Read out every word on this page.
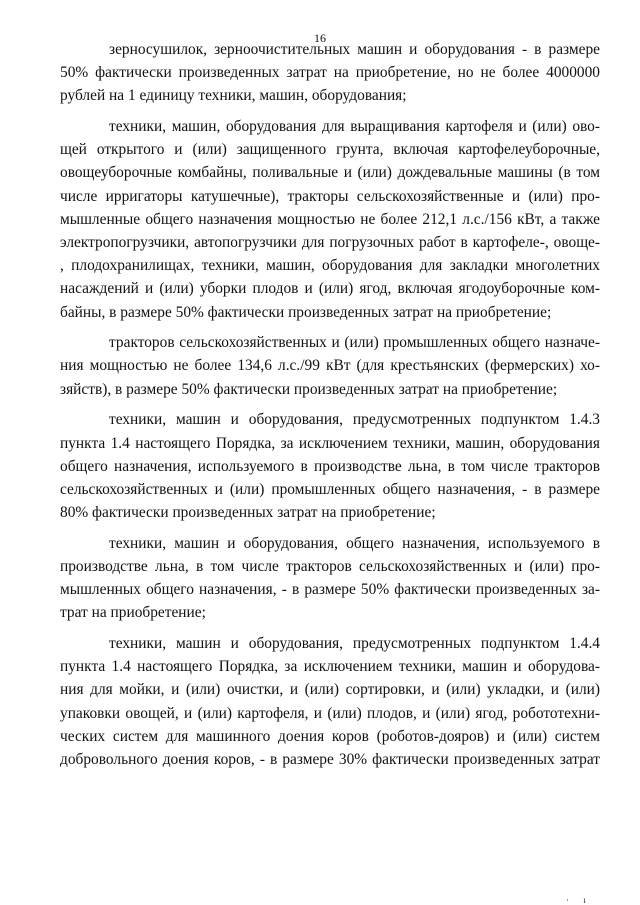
16
зерносушилок, зерноочистительных машин и оборудования - в размере
50% фактически произведенных затрат на приобретение, но не более 4000000
рублей на 1 единицу техники, машин, оборудования;
техники, машин, оборудования для выращивания картофеля и (или) ово-
щей открытого и (или) защищенного грунта, включая картофелеуборочные,
овощеуборочные комбайны, поливальные и (или) дождевальные машины (в том
числе ирригаторы катушечные), тракторы сельскохозяйственные и (или) про-
мышленные общего назначения мощностью не более 212,1 л.с./156 кВт, а также
электропогрузчики, автопогрузчики для погрузочных работ в картофеле-, овоще-
, плодохранилищах, техники, машин, оборудования для закладки многолетних
насаждений и (или) уборки плодов и (или) ягод, включая ягодоуборочные ком-
байны, в размере 50% фактически произведенных затрат на приобретение;
тракторов сельскохозяйственных и (или) промышленных общего назначе-
ния мощностью не более 134,6 л.с./99 кВт (для крестьянских (фермерских) хо-
зяйств), в размере 50% фактически произведенных затрат на приобретение;
техники, машин и оборудования, предусмотренных подпунктом 1.4.3
пункта 1.4 настоящего Порядка, за исключением техники, машин, оборудования
общего назначения, используемого в производстве льна, в том числе тракторов
сельскохозяйственных и (или) промышленных общего назначения, - в размере
80% фактически произведенных затрат на приобретение;
техники, машин и оборудования, общего назначения, используемого в
производстве льна, в том числе тракторов сельскохозяйственных и (или) про-
мышленных общего назначения, - в размере 50% фактически произведенных за-
трат на приобретение;
техники, машин и оборудования, предусмотренных подпунктом 1.4.4
пункта 1.4 настоящего Порядка, за исключением техники, машин и оборудова-
ния для мойки, и (или) очистки, и (или) сортировки, и (или) укладки, и (или)
упаковки овощей, и (или) картофеля, и (или) плодов, и (или) ягод, робототехни-
ческих систем для машинного доения коров (роботов-дояров) и (или) систем
добровольного доения коров, - в размере 30% фактически произведенных затрат
· ı
